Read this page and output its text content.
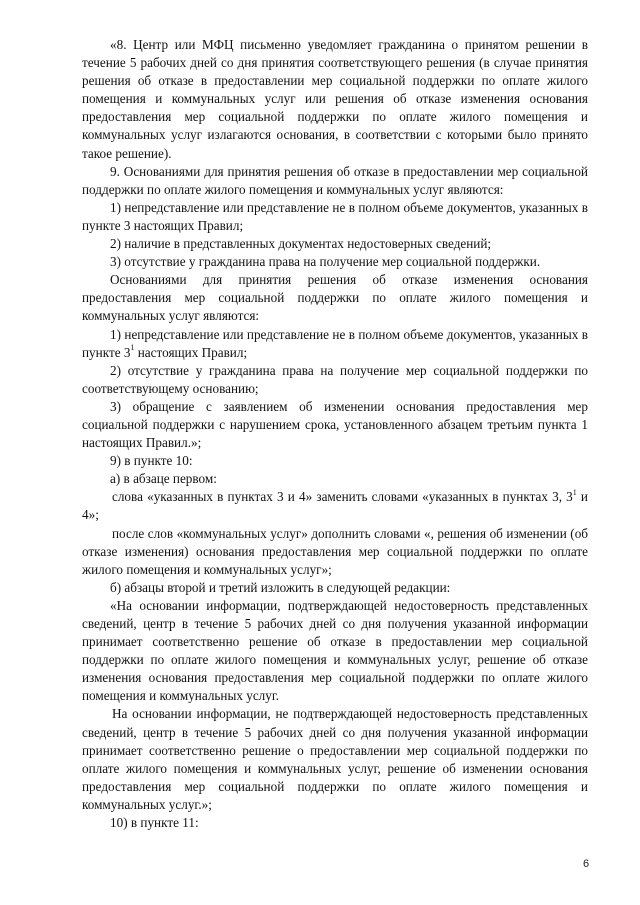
«8. Центр или МФЦ письменно уведомляет гражданина о принятом решении в течение 5 рабочих дней со дня принятия соответствующего решения (в случае принятия решения об отказе в предоставлении мер социальной поддержки по оплате жилого помещения и коммунальных услуг или решения об отказе изменения основания предоставления мер социальной поддержки по оплате жилого помещения и коммунальных услуг излагаются основания, в соответствии с которыми было принято такое решение).

9. Основаниями для принятия решения об отказе в предоставлении мер социальной поддержки по оплате жилого помещения и коммунальных услуг являются:

1) непредставление или представление не в полном объеме документов, указанных в пункте 3 настоящих Правил;

2) наличие в представленных документах недостоверных сведений;

3) отсутствие у гражданина права на получение мер социальной поддержки.

Основаниями для принятия решения об отказе изменения основания предоставления мер социальной поддержки по оплате жилого помещения и коммунальных услуг являются:

1) непредставление или представление не в полном объеме документов, указанных в пункте $3^1$ настоящих Правил;

2) отсутствие у гражданина права на получение мер социальной поддержки по соответствующему основанию;

3) обращение с заявлением об изменении основания предоставления мер социальной поддержки с нарушением срока, установленного абзацем третьим пункта 1 настоящих Правил.»;

9) в пункте 10:

а) в абзаце первом:

слова «указанных в пунктах 3 и 4» заменить словами «указанных в пунктах 3, $3^1$ и 4»;

после слов «коммунальных услуг» дополнить словами «, решения об изменении (об отказе изменения) основания предоставления мер социальной поддержки по оплате жилого помещения и коммунальных услуг»;

б) абзацы второй и третий изложить в следующей редакции:

«На основании информации, подтверждающей недостоверность представленных сведений, центр в течение 5 рабочих дней со дня получения указанной информации принимает соответственно решение об отказе в предоставлении мер социальной поддержки по оплате жилого помещения и коммунальных услуг, решение об отказе изменения основания предоставления мер социальной поддержки по оплате жилого помещения и коммунальных услуг.

На основании информации, не подтверждающей недостоверность представленных сведений, центр в течение 5 рабочих дней со дня получения указанной информации принимает соответственно решение о предоставлении мер социальной поддержки по оплате жилого помещения и коммунальных услуг, решение об изменении основания предоставления мер социальной поддержки по оплате жилого помещения и коммунальных услуг.»;

10) в пункте 11:

6
